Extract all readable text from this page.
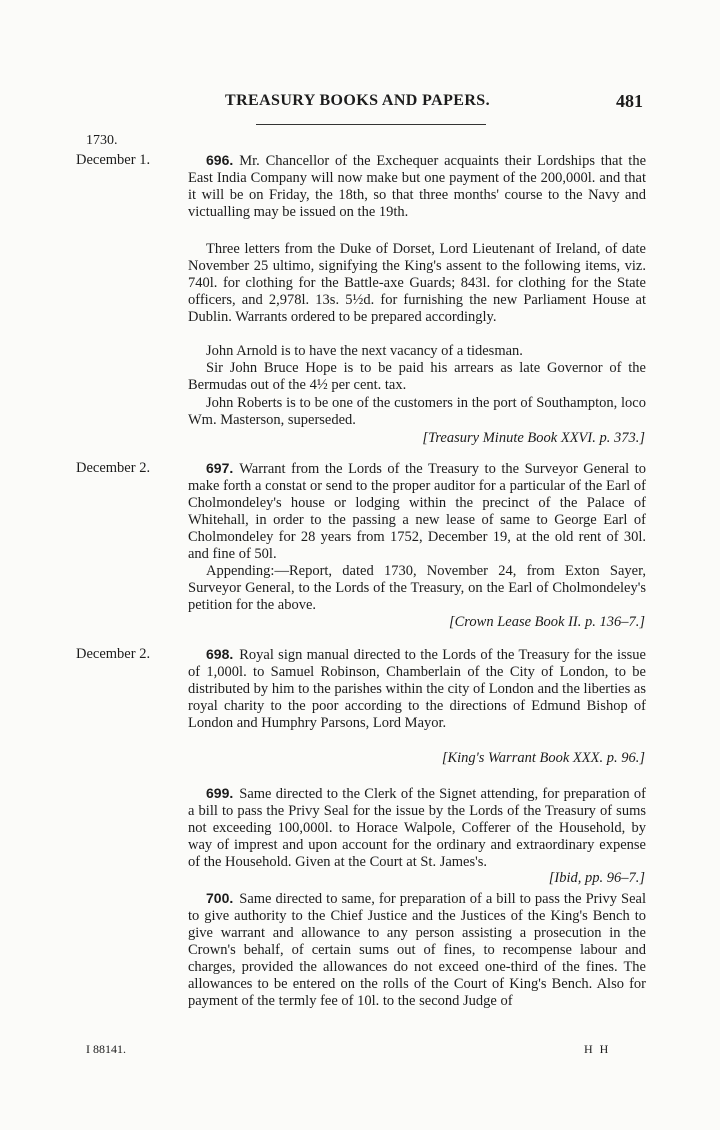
TREASURY BOOKS AND PAPERS.	481
1730.
December 1.	696. Mr. Chancellor of the Exchequer acquaints their Lordships that the East India Company will now make but one payment of the 200,000l. and that it will be on Friday, the 18th, so that three months' course to the Navy and victualling may be issued on the 19th.
Three letters from the Duke of Dorset, Lord Lieutenant of Ireland, of date November 25 ultimo, signifying the King's assent to the following items, viz. 740l. for clothing for the Battle-axe Guards; 843l. for clothing for the State officers, and 2,978l. 13s. 5½d. for furnishing the new Parliament House at Dublin. Warrants ordered to be prepared accordingly.
John Arnold is to have the next vacancy of a tidesman.
Sir John Bruce Hope is to be paid his arrears as late Governor of the Bermudas out of the 4½ per cent. tax.
John Roberts is to be one of the customers in the port of Southampton, loco Wm. Masterson, superseded.
[Treasury Minute Book XXVI. p. 373.]
December 2.	697. Warrant from the Lords of the Treasury to the Surveyor General to make forth a constat or send to the proper auditor for a particular of the Earl of Cholmondeley's house or lodging within the precinct of the Palace of Whitehall, in order to the passing a new lease of same to George Earl of Cholmondeley for 28 years from 1752, December 19, at the old rent of 30l. and fine of 50l.
Appending:—Report, dated 1730, November 24, from Exton Sayer, Surveyor General, to the Lords of the Treasury, on the Earl of Cholmondeley's petition for the above.
[Crown Lease Book II. p. 136–7.]
December 2.	698. Royal sign manual directed to the Lords of the Treasury for the issue of 1,000l. to Samuel Robinson, Chamberlain of the City of London, to be distributed by him to the parishes within the city of London and the liberties as royal charity to the poor according to the directions of Edmund Bishop of London and Humphry Parsons, Lord Mayor.
[King's Warrant Book XXX. p. 96.]
699. Same directed to the Clerk of the Signet attending, for preparation of a bill to pass the Privy Seal for the issue by the Lords of the Treasury of sums not exceeding 100,000l. to Horace Walpole, Cofferer of the Household, by way of imprest and upon account for the ordinary and extraordinary expense of the Household. Given at the Court at St. James's.
[Ibid, pp. 96–7.]
700. Same directed to same, for preparation of a bill to pass the Privy Seal to give authority to the Chief Justice and the Justices of the King's Bench to give warrant and allowance to any person assisting a prosecution in the Crown's behalf, of certain sums out of fines, to recompense labour and charges, provided the allowances do not exceed one-third of the fines. The allowances to be entered on the rolls of the Court of King's Bench. Also for payment of the termly fee of 10l. to the second Judge of
I 88141.	H H
